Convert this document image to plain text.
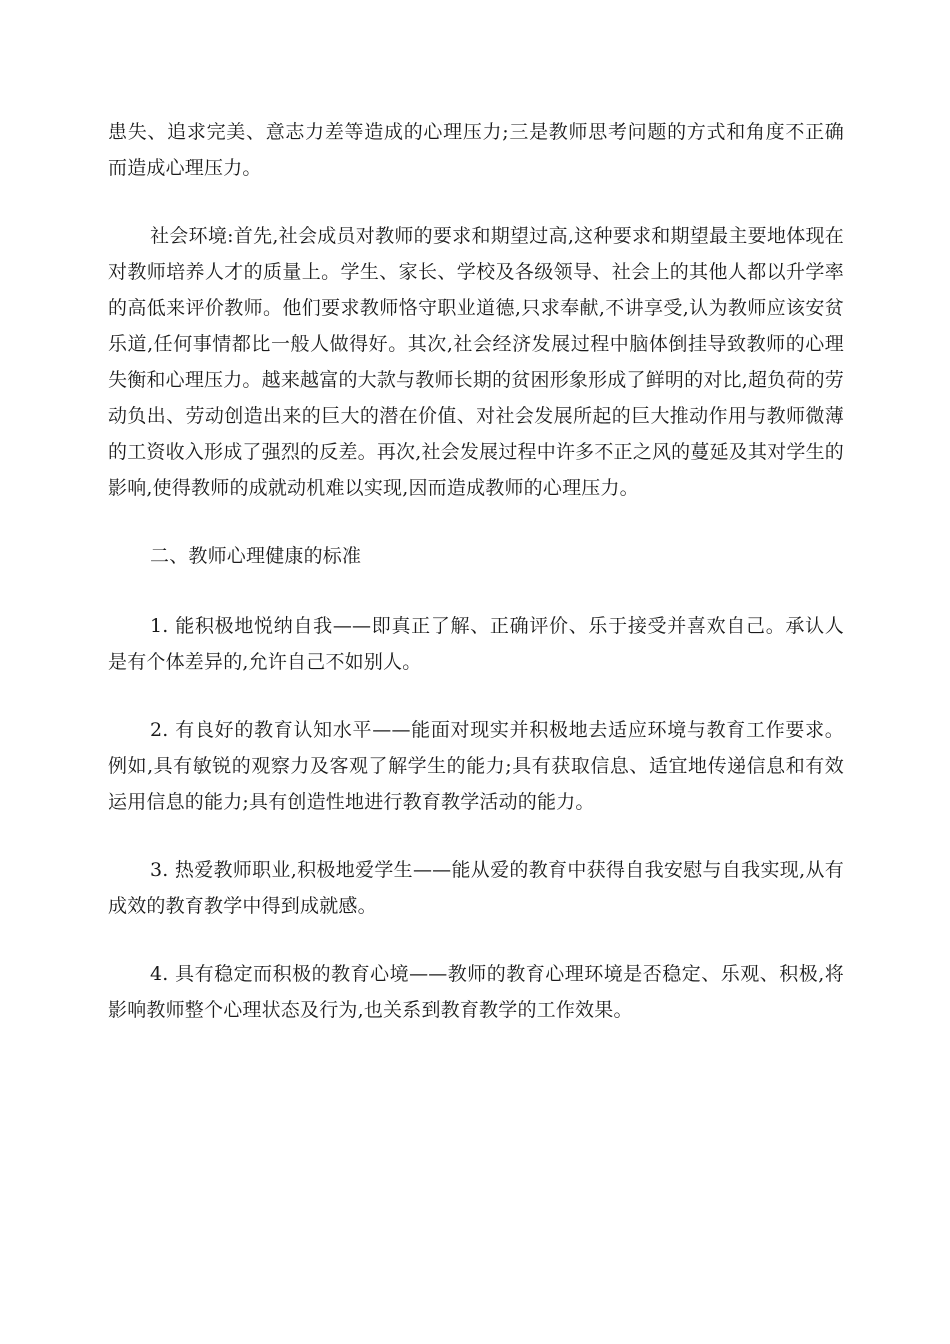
患失、追求完美、意志力差等造成的心理压力;三是教师思考问题的方式和角度不正确而造成心理压力。

社会环境:首先,社会成员对教师的要求和期望过高,这种要求和期望最主要地体现在对教师培养人才的质量上。学生、家长、学校及各级领导、社会上的其他人都以升学率的高低来评价教师。他们要求教师恪守职业道德,只求奉献,不讲享受,认为教师应该安贫乐道,任何事情都比一般人做得好。其次,社会经济发展过程中脑体倒挂导致教师的心理失衡和心理压力。越来越富的大款与教师长期的贫困形象形成了鲜明的对比,超负荷的劳动负出、劳动创造出来的巨大的潜在价值、对社会发展所起的巨大推动作用与教师微薄的工资收入形成了强烈的反差。再次,社会发展过程中许多不正之风的蔓延及其对学生的影响,使得教师的成就动机难以实现,因而造成教师的心理压力。

二、教师心理健康的标准

1. 能积极地悦纳自我——即真正了解、正确评价、乐于接受并喜欢自己。承认人是有个体差异的,允许自己不如别人。

2. 有良好的教育认知水平——能面对现实并积极地去适应环境与教育工作要求。例如,具有敏锐的观察力及客观了解学生的能力;具有获取信息、适宜地传递信息和有效运用信息的能力;具有创造性地进行教育教学活动的能力。

3. 热爱教师职业,积极地爱学生——能从爱的教育中获得自我安慰与自我实现,从有成效的教育教学中得到成就感。

4. 具有稳定而积极的教育心境——教师的教育心理环境是否稳定、乐观、积极,将影响教师整个心理状态及行为,也关系到教育教学的工作效果。
